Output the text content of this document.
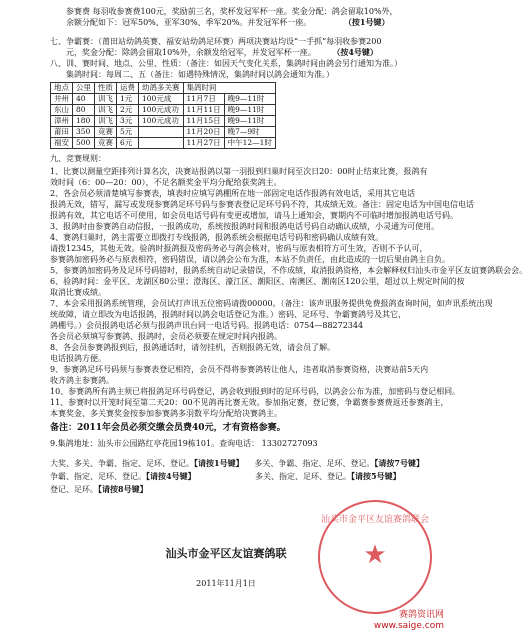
参赛费 每羽收参赛费100元，奖励前三名，奖杯发冠军杯一座。奖金分配：鸽会留取10%外，
余额分配如下：冠军50%、亚军30%、季军20%。并发冠军杯一座。	（按1号键）
七、争霸赛：（莆田站幼鸽英赛、福安站幼鸽足环赛）两项决赛站均设“一手抓”每羽收参赛200
元，奖金分配：除鸽会留取10%外，余额发给冠军，并发冠军杯一座。 （按4号键）
八、训、赛时间、地点、公里、性质：（备注：如因天气变化关系，集鸽时间由鸽会另行通知为准。）
集鸽时间：每周二、五（备注：如遇特殊情况，集鸽时间以鸽会通知为准。）
地点	公里	性质	运费	幼鸽多关赛	集鸽时间	
井州	40	训飞	1元	100元成	11月7日	晚9—11时
东山	80	训飞	2元	100元成功	11月11日	晚9—11时
漳州	180	训飞	3元	100元成功	11月15日	晚9—11时
莆田	350	竞赛	5元		11月20日	晚7—9时
福安	500	竞赛	6元		11月27日	中午12—1时
九、竞赛规则：
1、比赛以测量空距排列计算名次，决赛站报鸽以第一羽报到归巢时间至次日20：00时止结束比赛，报鸽有
效时间（6：00—20：00），不足名额奖金平均分配给获奖鸽主。
2、各会员必须清楚填写参赛表，填表时应填写鸽棚所在地一部固定电话作报鸽有效电话，采用其它电话
报鸽无效，错写，漏写或发现参赛鸽足环号码与参赛表登记足环号码不符，其成绩无效。备注：固定电话为中国电信电话
报鸽有效，其它电话不可使用，如会员电话号码有变更或增加，请马上通知会，赛期内不可临时增加报鸽电话号码。
3、报鸽时由参赛鸽自动信报，一报鸽成功，系统按报鸽时间和报鸽电话号码自动确认成绩，小灵通为可使用。
4、赛鸽归巢时，鸽主需要立即拨打专线报鸽，报鸽系统会根据电话号码和密码确认成绩有效。
请拨12345，其他无效。验鸽时报鸽报及密码务必与鸽会核对，密码与原表相符方可生效，否则不予认可，
参赛鸽加密码务必与原表相符，密码错误，请以鸽会公布为准，本站不负责任，由此造成的一切后果由鸽主自负。
5、参赛鸽加密码务及足环号码错时，报鸽系统自动记录错误，不作成绩，取消报鸽资格，本会解释权归汕头市金平区友谊赛鸽联会会。
6、验鸽时间：金平区、龙湖区80公里；澄海区、濠江区、潮阳区、南澳区、潮南区120公里，超过以上规定时间的按
取消比赛成绩。
7、本会采用报鸽系统管理，会员试打声讯五位密码请拨00000。（备注：该声讯服务提供免费报鸽查询时间，如声讯系统出现
统故障，请立即改为电话报鸽，报鸽时间以鸽会电话登记为准。）密码、足环号、争霸赛鸽号及其它，
鸽棚号。）会员报鸽电话必须与报鸽声讯台同一电话号码。报鸽电话：0754—88272344
各会员必须填写参赛鸽、报鸽时，会员必须要在规定时间内报鸽。
8、各会员参赛鸽报到后，报鸽通话时，请勿挂机，否则报鸽无效，请会员了解。
电话报鸽方便。
9、参赛鸽足环号码须与参赛表登记相符，会员不得将参赛鸽转让他人，违者取消参赛资格，决赛站前5天内
收齐鸽主参赛鸽。
10、参赛鸽所有鸽主须已将报鸽足环号码登记，鸽会收到报到时的足环号码，以鸽会公布为准，加密码与登记相同。
11、参赛时以开笼时间至第二天20：00不见鸽再比赛无效。参加指定赛，登记赛，争霸赛参赛费返还参赛鸽主，
本赛奖金、多关赛奖金按参加参赛鸽多羽数平均分配给决赛鸽主。
备注：2011年会员必须交缴会员费40元，才有资格参赛。
9.集鸽地址：汕头市公园路红亭花园19栋101。查询电话： 13302727093
大奖、多关、争霸、指定、足环、登记。【请按1号键】	多关、争霸、指定、足环、登记。【请按7号键】
争霸、指定、足环、登记。【请按4号键】	多关、指定、足环、登记。【请按5号键】
登记、足环。【请按8号键】
汕头市金平区友谊赛鸽联会
★
汕头市金平区友谊赛鸽联
2011年11月1日
赛鸽资讯网
www.saige.com
